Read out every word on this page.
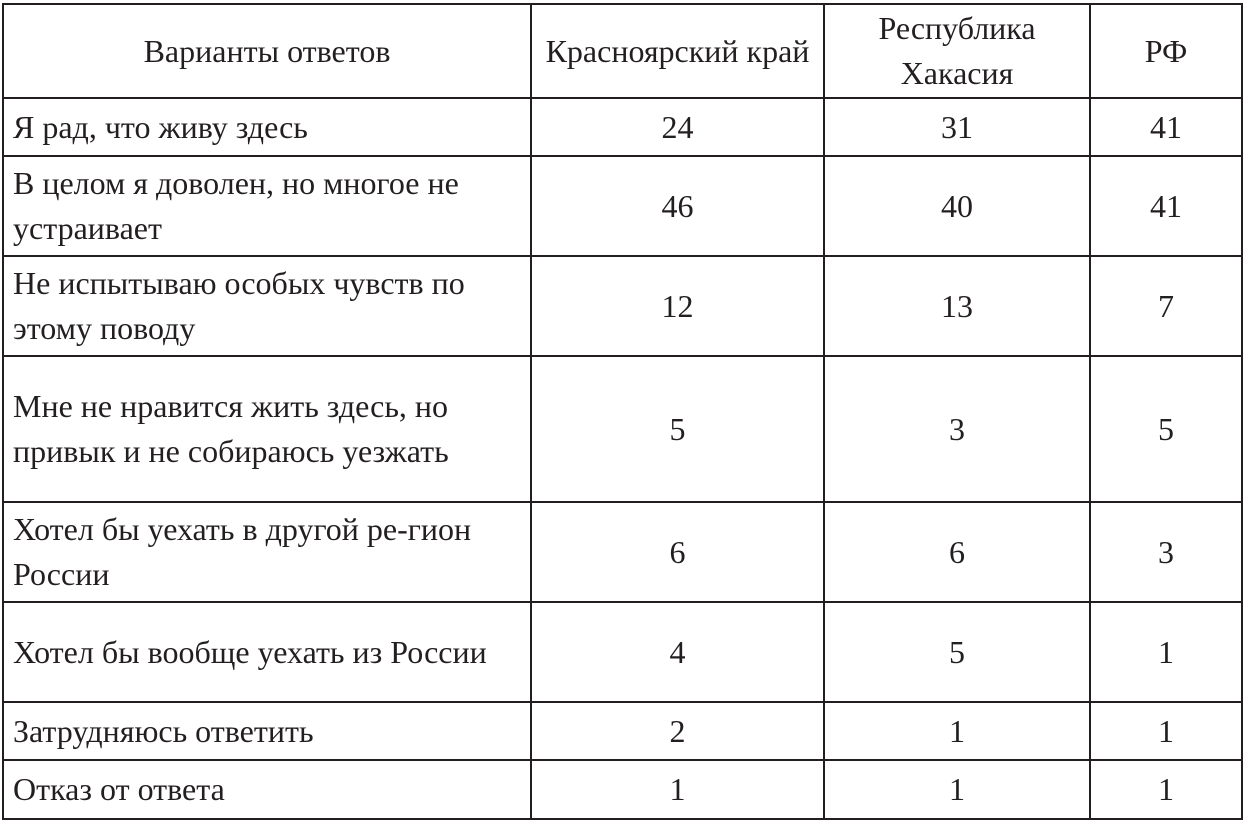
Варианты ответов	Красноярский край	Республика Хакасия	РФ
Я рад, что живу здесь	24	31	41
В целом я доволен, но многое не устраивает	46	40	41
Не испытываю особых чувств по этому поводу	12	13	7
Мне не нравится жить здесь, но привык и не собираюсь уезжать	5	3	5
Хотел бы уехать в другой ре-гион России	6	6	3
Хотел бы вообще уехать из России	4	5	1
Затрудняюсь ответить	2	1	1
Отказ от ответа	1	1	1
